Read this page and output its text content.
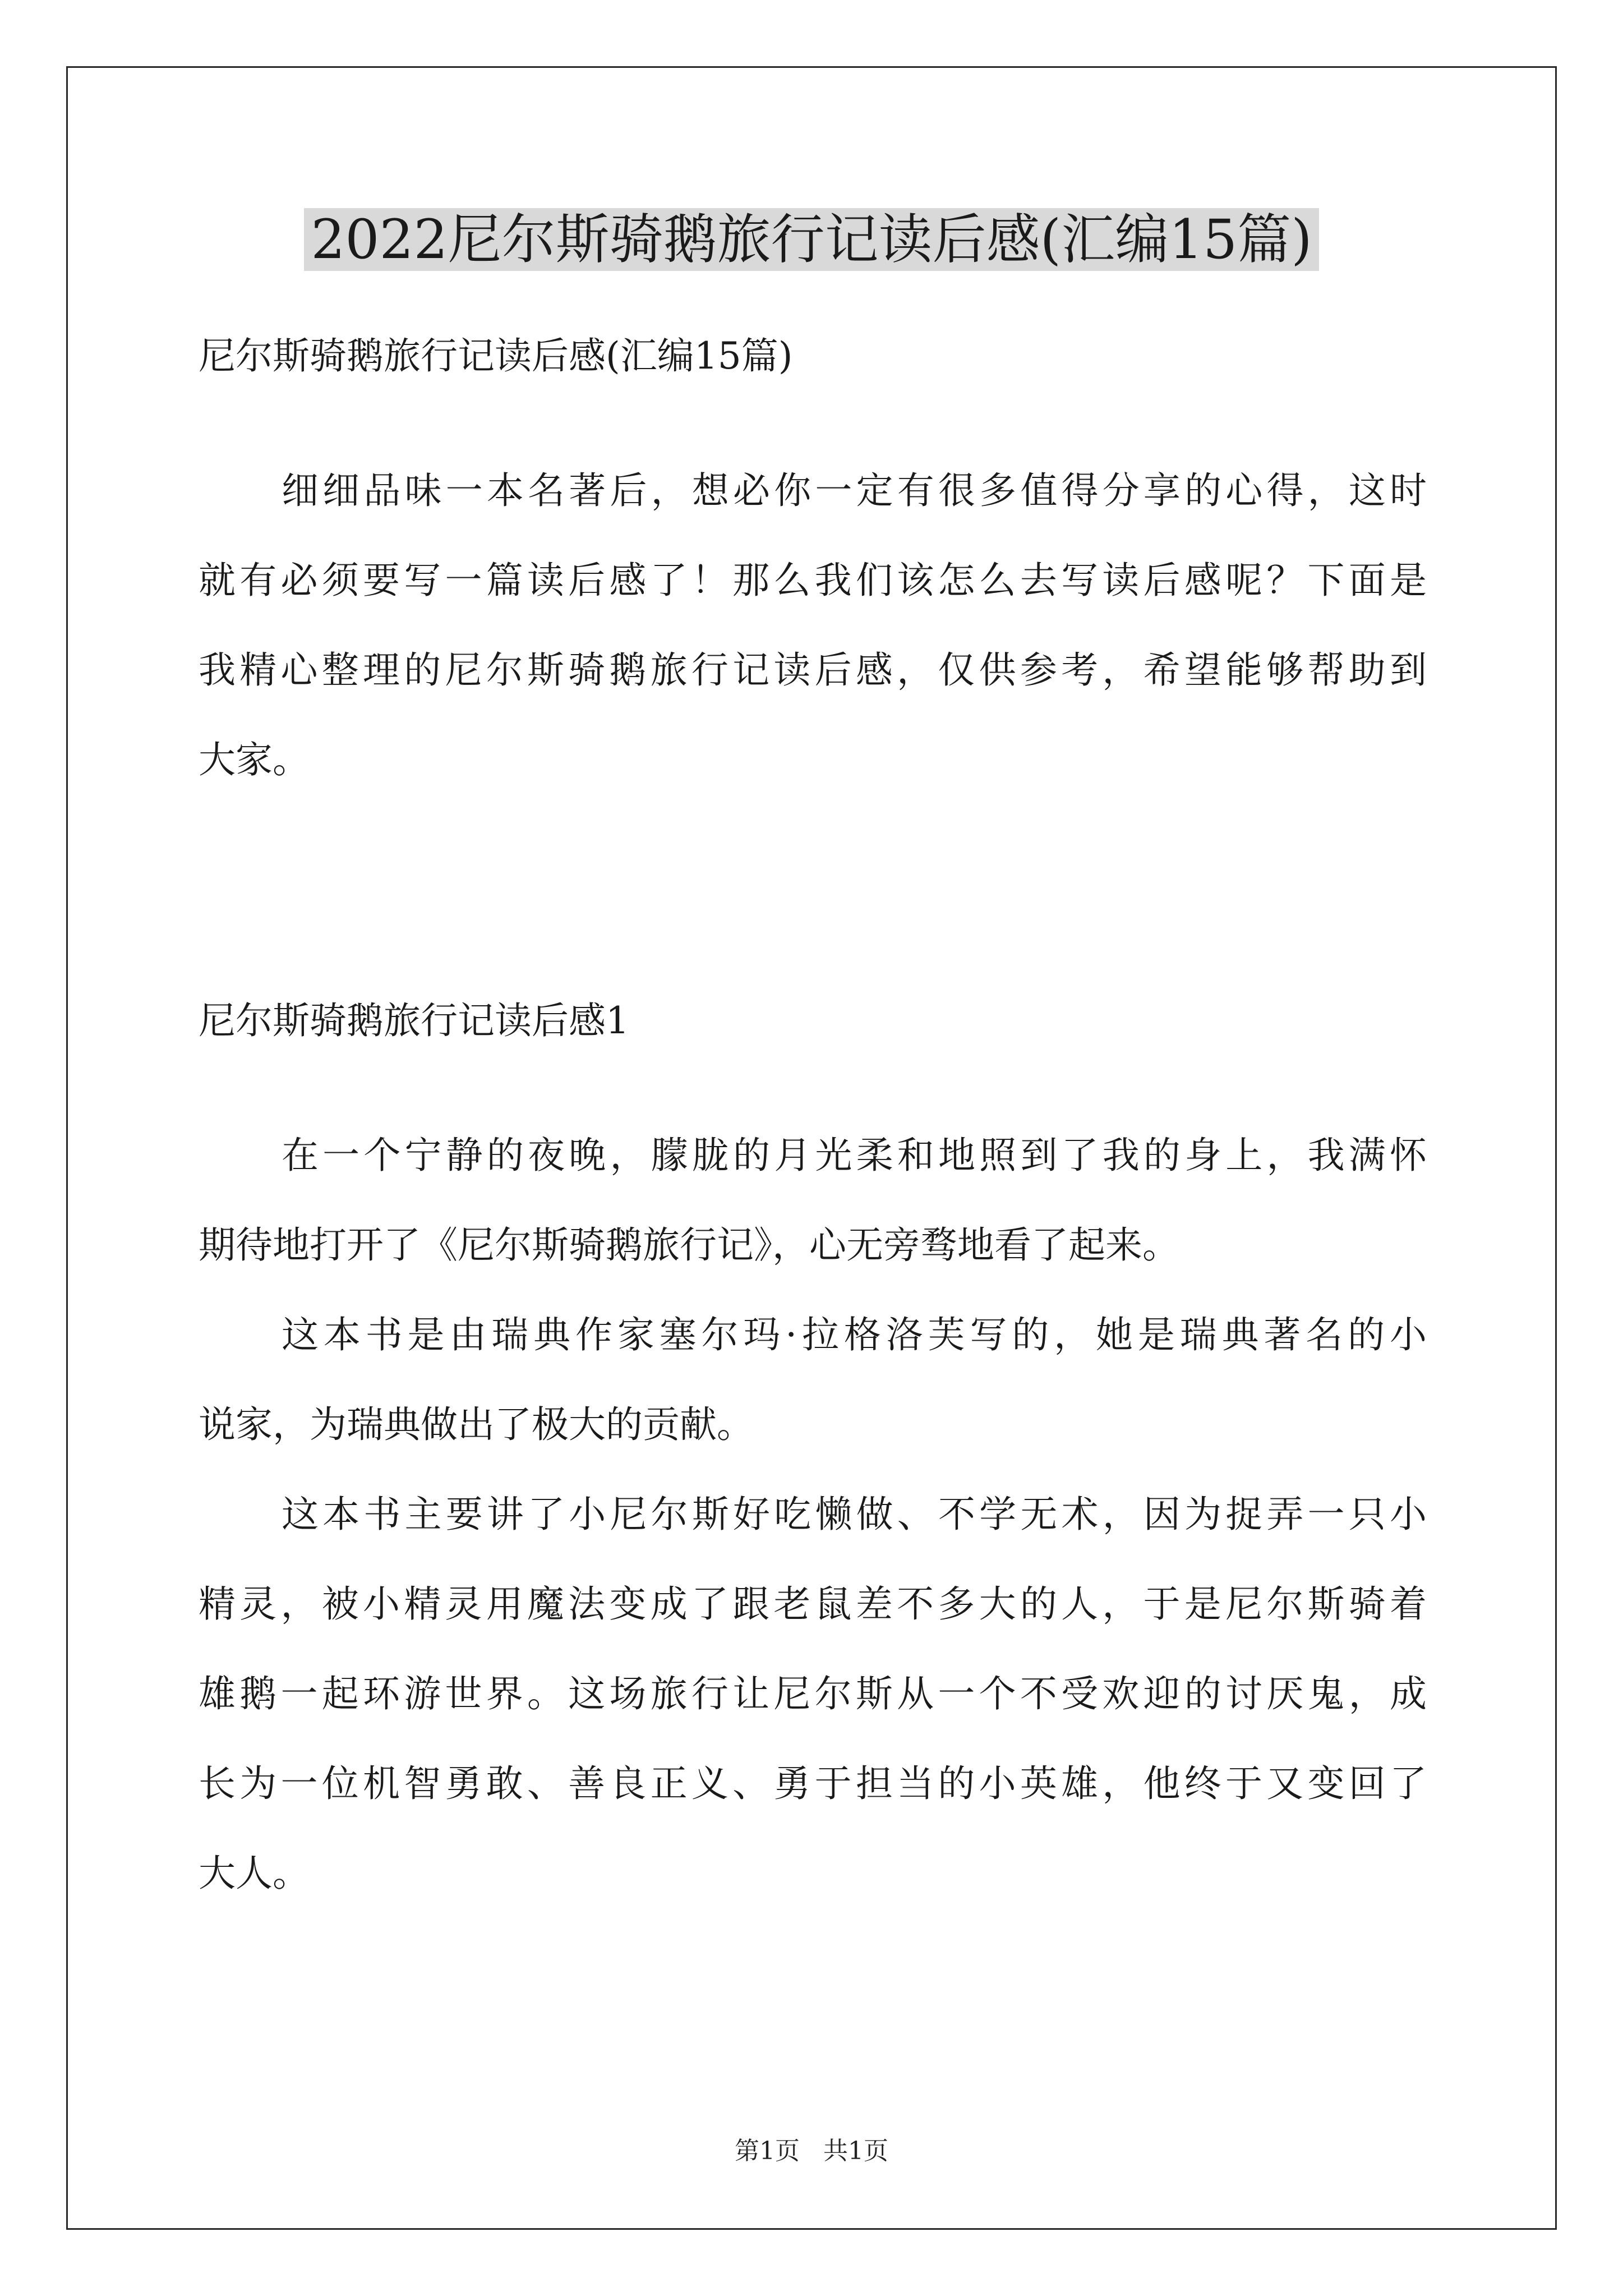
2022尼尔斯骑鹅旅行记读后感(汇编15篇)
尼尔斯骑鹅旅行记读后感(汇编15篇)
细细品味一本名著后，想必你一定有很多值得分享的心得，这时
就有必须要写一篇读后感了！那么我们该怎么去写读后感呢？下面是
我精心整理的尼尔斯骑鹅旅行记读后感，仅供参考，希望能够帮助到
大家。
尼尔斯骑鹅旅行记读后感1
在一个宁静的夜晚，朦胧的月光柔和地照到了我的身上，我满怀
期待地打开了《尼尔斯骑鹅旅行记》，心无旁骛地看了起来。
这本书是由瑞典作家塞尔玛·拉格洛芙写的，她是瑞典著名的小
说家，为瑞典做出了极大的贡献。
这本书主要讲了小尼尔斯好吃懒做、不学无术，因为捉弄一只小
精灵，被小精灵用魔法变成了跟老鼠差不多大的人，于是尼尔斯骑着
雄鹅一起环游世界。这场旅行让尼尔斯从一个不受欢迎的讨厌鬼，成
长为一位机智勇敢、善良正义、勇于担当的小英雄，他终于又变回了
大人。
第1页   共1页
